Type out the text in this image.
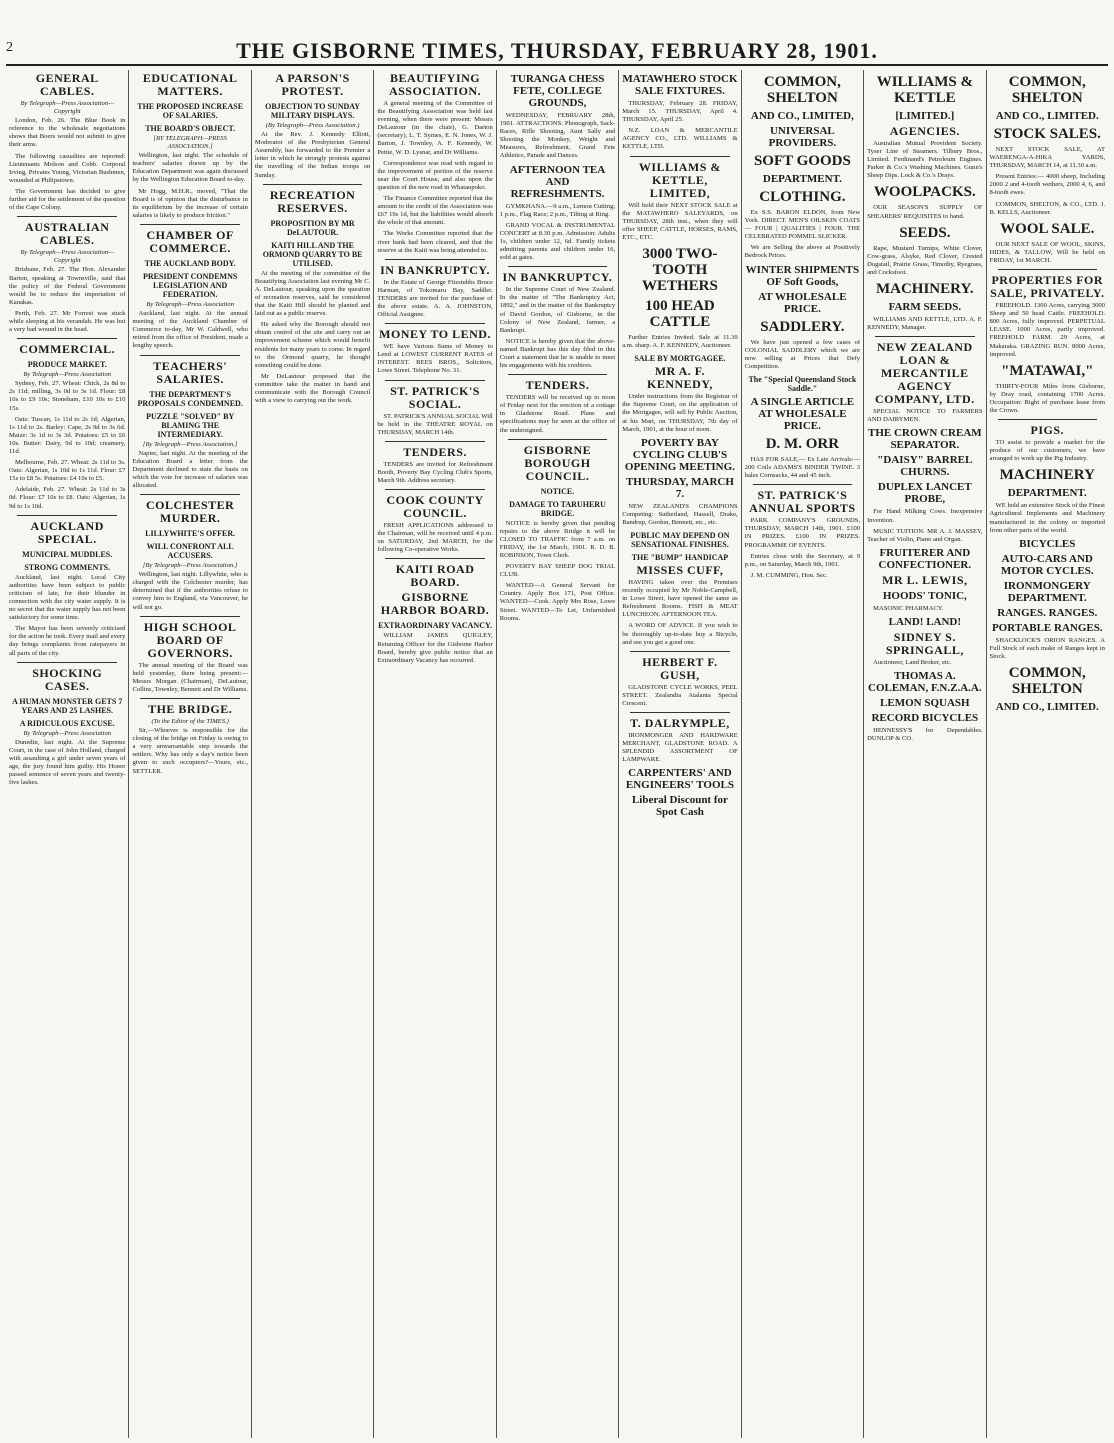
2	THE GISBORNE TIMES, THURSDAY, FEBRUARY 28, 1901.
GENERAL CABLES.
By Telegraph—Press Association—Copyright

London, Feb. 26. The Blue Book in reference to the wholesale negotiations shows that Boers would not submit to give their arms.

The following casualties are reported: Lieutenants Molson and Cobb. Corporal Irving, Privates Young, Victorian Bushmen, wounded at Philipstown.

The Government has decided to give further aid for the settlement of the question of the Cape Colony.

AUSTRALIAN CABLES.
By Telegraph—Press Association—Copyright

Brisbane, Feb. 27. The Hon. Alexander Barton, speaking at Townsville, said that the policy of the Federal Government would be to reduce the importation of Kanakas.

Perth, Feb. 27. Mr Forrest was stuck while sleeping at his verandah. He was but a very bad wound in the head.

COMMERCIAL.
PRODUCE MARKET.
By Telegraph—Press Association

Sydney, Feb. 27. Wheat: Chick, 2s 8d to 2s 11d; milling, 3s 0d to 3s 1d. Flour: £8 10s to £9 10s; Stoneham, £10 10s to £10 15s.

Oats: Tuscan, 1s 11d to 2s 1d; Algerian, 1s 11d to 2s. Barley: Cape, 2s 9d to 3s 6d. Maize: 3s 1d to 3s 3d. Potatoes: £5 to £6 10s. Butter: Dairy, 9d to 10d; creamery, 11d.

Melbourne, Feb. 27. Wheat: 2s 11d to 3s. Oats: Algerian, 1s 10d to 1s 11d. Flour: £7 15s to £8 5s. Potatoes: £4 10s to £5.

Adelaide, Feb. 27. Wheat: 2s 11d to 3s 0d. Flour: £7 10s to £8. Oats: Algerian, 1s 9d to 1s 10d.

AUCKLAND SPECIAL.
MUNICIPAL MUDDLES.
STRONG COMMENTS.

Auckland, last night. Local City authorities have been subject to public criticism of late, for their blunder in connection with the city water supply. It is no secret that the water supply has not been satisfactory for some time.

The Mayor has been severely criticised for the action he took. Every mail and every day brings complaints from ratepayers in all parts of the city.

SHOCKING CASES.
A HUMAN MONSTER GETS 7 YEARS AND 25 LASHES.
A RIDICULOUS EXCUSE.
By Telegraph—Press Association

Dunedin, last night. At the Supreme Court, in the case of John Holland, charged with assaulting a girl under seven years of age, the jury found him guilty. His Honor passed sentence of seven years and twenty-five lashes.

EDUCATIONAL MATTERS.
THE PROPOSED INCREASE OF SALARIES.
THE BOARD'S OBJECT.
[BY TELEGRAPH—PRESS ASSOCIATION.]

Wellington, last night. The schedule of teachers' salaries drawn up by the Education Department was again discussed by the Wellington Education Board to-day.

Mr Hogg, M.H.R., moved, "That the Board is of opinion that the disturbance in its equilibrium by the increase of certain salaries is likely to produce friction."

CHAMBER OF COMMERCE.
THE AUCKLAND BODY.
PRESIDENT CONDEMNS LEGISLATION AND FEDERATION.
By Telegraph—Press Association

Auckland, last night. At the annual meeting of the Auckland Chamber of Commerce to-day, Mr W. Caldwell, who retired from the office of President, made a lengthy speech.

TEACHERS' SALARIES.
THE DEPARTMENT'S PROPOSALS CONDEMNED.
PUZZLE "SOLVED" BY BLAMING THE INTERMEDIARY.
[By Telegraph—Press Association.]

Napier, last night. At the meeting of the Education Board a letter from the Department declined to state the basis on which the vote for increase of salaries was allocated.

COLCHESTER MURDER.
LILLYWHITE'S OFFER.
WILL CONFRONT ALL ACCUSERS.
[By Telegraph—Press Association.]

Wellington, last night. Lillywhite, who is charged with the Colchester murder, has determined that if the authorities refuse to convey him to England, via Vancouver, he will not go.

HIGH SCHOOL BOARD OF GOVERNORS.

The annual meeting of the Board was held yesterday, there being present:—Messrs Morgan (Chairman), DeLautour, Collins, Townley, Bennett and Dr Williams.

THE BRIDGE.
(To the Editor of the TIMES.)

Sir,—Whoever is responsible for the closing of the bridge on Friday is owing to a very unwarrantable step towards the settlers. Why has only a day's notice been given to such occupiers?—Yours, etc., SETTLER.

A PARSON'S PROTEST.
OBJECTION TO SUNDAY MILITARY DISPLAYS.
(By Telegraph—Press Association.)

At the Rev. J. Kennedy Elliott, Moderator of the Presbyterian General Assembly, has forwarded to the Premier a letter in which he strongly protests against the travelling of the Indian troops on Sunday.

RECREATION RESERVES.
PROPOSITION BY MR DeLAUTOUR.
KAITI HILL AND THE ORMOND QUARRY TO BE UTILISED.

At the meeting of the committee of the Beautifying Association last evening Mr C. A. DeLautour, speaking upon the question of recreation reserves, said he considered that the Kaiti Hill should be planted and laid out as a public reserve.

He asked why the Borough should not obtain control of the site and carry out an improvement scheme which would benefit residents for many years to come. In regard to the Ormond quarry, he thought something could be done.

Mr DeLautour proposed that the committee take the matter in hand and communicate with the Borough Council with a view to carrying out the work.

BEAUTIFYING ASSOCIATION.

A general meeting of the Committee of the Beautifying Association was held last evening, when there were present: Messrs DeLautour (in the chair), G. Darton (secretary), L. T. Symes, E. N. Jones, W. J. Barton, J. Townley, A. F. Kennedy, W. Pettie, W. D. Lysnar, and Dr Williams.

Correspondence was read with regard to the improvement of portion of the reserve near the Court House, and also upon the question of the new road in Whataupoko.

The Finance Committee reported that the amount to the credit of the Association was £67 19s 1d, but the liabilities would absorb the whole of that amount.

The Works Committee reported that the river bank had been cleared, and that the reserve at the Kaiti was being attended to.

IN BANKRUPTCY.

In the Estate of George Fitzstubbs Bruce Harman, of Tokomaru Bay, Saddler. TENDERS are invited for the purchase of the above estate. A. A. JOHNSTON, Official Assignee.

MONEY TO LEND.

WE have Various Sums of Money to Lend at LOWEST CURRENT RATES of INTEREST. REES BROS., Solicitors, Lowe Street. Telephone No. 31.

ST. PATRICK'S SOCIAL.

ST. PATRICK'S ANNUAL SOCIAL Will be held in the THEATRE ROYAL on THURSDAY, MARCH 14th.

TENDERS.

TENDERS are invited for Refreshment Booth, Poverty Bay Cycling Club's Sports, March 9th. Address secretary.

COOK COUNTY COUNCIL.

FRESH APPLICATIONS addressed to the Chairman, will be received until 4 p.m. on SATURDAY, 2nd MARCH, for the following Co-operative Works.

KAITI ROAD BOARD.
GISBORNE HARBOR BOARD.
EXTRAORDINARY VACANCY.

WILLIAM JAMES QUIGLEY, Returning Officer for the Gisborne Harbor Board, hereby give public notice that an Extraordinary Vacancy has occurred.

TURANGA CHESS FETE, COLLEGE GROUNDS,

WEDNESDAY, FEBRUARY 28th, 1901. ATTRACTIONS: Phonograph, Sack-Races, Rifle Shooting, Aunt Sally and Shooting the Monkey, Weight and Measures, Refreshment, Grand Fete Athletics, Parade and Dances.

AFTERNOON TEA AND REFRESHMENTS.

GYMKHANA.—9 a.m., Lemon Cutting; 1 p.m., Flag Race; 2 p.m., Tilting at Ring.

GRAND VOCAL & INSTRUMENTAL CONCERT at 8.30 p.m. Admission: Adults 1s, children under 12, 6d. Family tickets admitting parents and children under 16, sold at gates.

IN BANKRUPTCY.

In the Supreme Court of New Zealand. In the matter of "The Bankruptcy Act, 1892," and in the matter of the Bankruptcy of David Gordon, of Gisborne, in the Colony of New Zealand, farmer, a Bankrupt.

NOTICE is hereby given that the above-named Bankrupt has this day filed in this Court a statement that he is unable to meet his engagements with his creditors.

TENDERS.

TENDERS will be received up to noon of Friday next for the erection of a cottage in Gladstone Road. Plans and specifications may be seen at the office of the undersigned.

GISBORNE BOROUGH COUNCIL.
NOTICE.
DAMAGE TO TARUHERU BRIDGE.

NOTICE is hereby given that pending repairs to the above Bridge it will be CLOSED TO TRAFFIC from 7 a.m. on FRIDAY, the 1st March, 1901. R. D. B. ROBINSON, Town Clerk.

POVERTY BAY SHEEP DOG TRIAL CLUB.

WANTED—A General Servant for Country. Apply Box 171, Post Office. WANTED—Cook. Apply Mrs Rose, Lowe Street. WANTED—To Let, Unfurnished Rooms.

MATAWHERO STOCK SALE FIXTURES.

THURSDAY, February 28. FRIDAY, March 15. THURSDAY, April 4. THURSDAY, April 25.

N.Z. LOAN & MERCANTILE AGENCY CO., LTD. WILLIAMS & KETTLE, LTD.

WILLIAMS & KETTLE, LIMITED,

Will hold their NEXT STOCK SALE at the MATAWHERO SALEYARDS, on THURSDAY, 28th inst., when they will offer SHEEP, CATTLE, HORSES, RAMS, ETC., ETC.

3000 TWO-TOOTH WETHERS
100 HEAD CATTLE

Further Entries Invited. Sale at 11.30 a.m. sharp. A. F. KENNEDY, Auctioneer.

SALE BY MORTGAGEE.
MR A. F. KENNEDY,

Under instructions from the Registrar of the Supreme Court, on the application of the Mortgagee, will sell by Public Auction, at his Mart, on THURSDAY, 7th day of March, 1901, at the hour of noon.

POVERTY BAY CYCLING CLUB'S OPENING MEETING.
THURSDAY, MARCH 7.

NEW ZEALAND'S CHAMPIONS Competing: Sutherland, Hassell, Drake, Bandrup, Gordon, Bennett, etc., etc.

PUBLIC MAY DEPEND ON SENSATIONAL FINISHES.
THE "BUMP" HANDICAP
MISSES CUFF,

HAVING taken over the Premises recently occupied by Mr Noble-Campbell, in Lowe Street, have opened the same as Refreshment Rooms. FISH & MEAT LUNCHEON. AFTERNOON TEA.

A WORD OF ADVICE. If you wish to be thoroughly up-to-date buy a Bicycle, and see you get a good one.

HERBERT F. GUSH,

GLADSTONE CYCLE WORKS, PEEL STREET. Zealandia Atalanta Special Crescent.

T. DALRYMPLE,

IRONMONGER AND HARDWARE MERCHANT, GLADSTONE ROAD. A SPLENDID ASSORTMENT OF LAMPWARE.

CARPENTERS' AND ENGINEERS' TOOLS
Liberal Discount for Spot Cash
COMMON, SHELTON
AND CO., LIMITED,
UNIVERSAL PROVIDERS.
SOFT GOODS
DEPARTMENT.
CLOTHING.

Ex S.S. BARON ELDON, from New York. DIRECT. MEN'S OILSKIN COATS— FOUR | QUALITIES | FOUR. THE CELEBRATED POMMEL SLICKER.

We are Selling the above at Positively Bedrock Prices.

WINTER SHIPMENTS OF Soft Goods,
AT WHOLESALE PRICE.
SADDLERY.

We have just opened a few cases of COLONIAL SADDLERY which we are now selling at Prices that Defy Competition.

The "Special Queensland Stock Saddle."
A SINGLE ARTICLE AT WHOLESALE PRICE.
D. M. ORR

HAS FOR SALE,— Ex Late Arrivals:— 200 Coils ADAMS'S BINDER TWINE. 3 bales Cornsacks, 44 and 45 inch.

ST. PATRICK'S ANNUAL SPORTS

PARK COMPANY'S GROUNDS, THURSDAY, MARCH 14th, 1901. £100 IN PRIZES. £100 IN PRIZES. PROGRAMME OF EVENTS.

Entries close with the Secretary, at 9 p.m., on Saturday, March 9th, 1901.

J. M. CUMMING, Hon. Sec.

WILLIAMS & KETTLE
[LIMITED.]
AGENCIES.

Australian Mutual Provident Society. Tyser Line of Steamers. Tilbury Bros., Limited. Ferdinand's Petroleum Engines. Parker & Co.'s Washing Machines. Gunn's Sheep Dips. Lock & Co.'s Drays.

WOOLPACKS.

OUR SEASON'S SUPPLY OF SHEARERS' REQUISITES to hand.

SEEDS.

Rape, Mustard Turnips, White Clover, Cow-grass, Alsyke, Red Clover, Crested Dogstail, Prairie Grass, Timothy, Ryegrass, and Cocksfoot.

MACHINERY.
FARM SEEDS.

WILLIAMS AND KETTLE, LTD. A. F. KENNEDY, Manager.

NEW ZEALAND LOAN & MERCANTILE AGENCY COMPANY, LTD.

SPECIAL NOTICE TO FARMERS AND DAIRYMEN.

THE CROWN CREAM SEPARATOR.
"DAISY" BARREL CHURNS.
DUPLEX LANCET PROBE,

For Hand Milking Cows. Inexpensive Invention.

MUSIC TUITION. MR A. J. MASSEY, Teacher of Violin, Piano and Organ.

FRUITERER AND CONFECTIONER.
MR L. LEWIS,
HOODS' TONIC,

MASONIC PHARMACY.

LAND! LAND!
SIDNEY S. SPRINGALL,

Auctioneer, Land Broker, etc.

THOMAS A. COLEMAN, F.N.Z.A.A.
LEMON SQUASH
RECORD BICYCLES

HENNESSY'S for Dependables. DUNLOP & CO.

COMMON, SHELTON
AND CO., LIMITED.
STOCK SALES.

NEXT STOCK SALE, AT WAERENGA-A-HIKA YARDS, THURSDAY, MARCH 14, at 11.30 a.m.

Present Entries:— 4000 sheep, Including 2000 2 and 4-tooth wethers, 2000 4, 6, and 8-tooth ewes.

COMMON, SHELTON, & CO., LTD. J. B. KELLS, Auctioneer.

WOOL SALE.

OUR NEXT SALE OF WOOL, SKINS, HIDES, & TALLOW, Will be held on FRIDAY, 1st MARCH.

PROPERTIES FOR SALE, PRIVATELY.

FREEHOLD. 1300 Acres, carrying 3000 Sheep and 50 head Cattle. FREEHOLD. 800 Acres, fully improved. PERPETUAL LEASE. 1000 Acres, partly improved. FREEHOLD FARM. 29 Acres, at Makaraka. GRAZING RUN. 8000 Acres, improved.

"MATAWAI,"

THIRTY-FOUR Miles from Gisborne, by Dray road, containing 1700 Acres. Occupation: Right of purchase lease from the Crown.

PIGS.

TO assist to provide a market for the produce of our customers, we have arranged to work up the Pig Industry.

MACHINERY
DEPARTMENT.

WE hold an extensive Stock of the Finest Agricultural Implements and Machinery manufactured in the colony or imported from other parts of the world.

BICYCLES
AUTO-CARS AND MOTOR CYCLES.
IRONMONGERY DEPARTMENT.
RANGES. RANGES.
PORTABLE RANGES.

SHACKLOCK'S ORION RANGES. A Full Stock of each make of Ranges kept in Stock.

COMMON, SHELTON
AND CO., LIMITED.
